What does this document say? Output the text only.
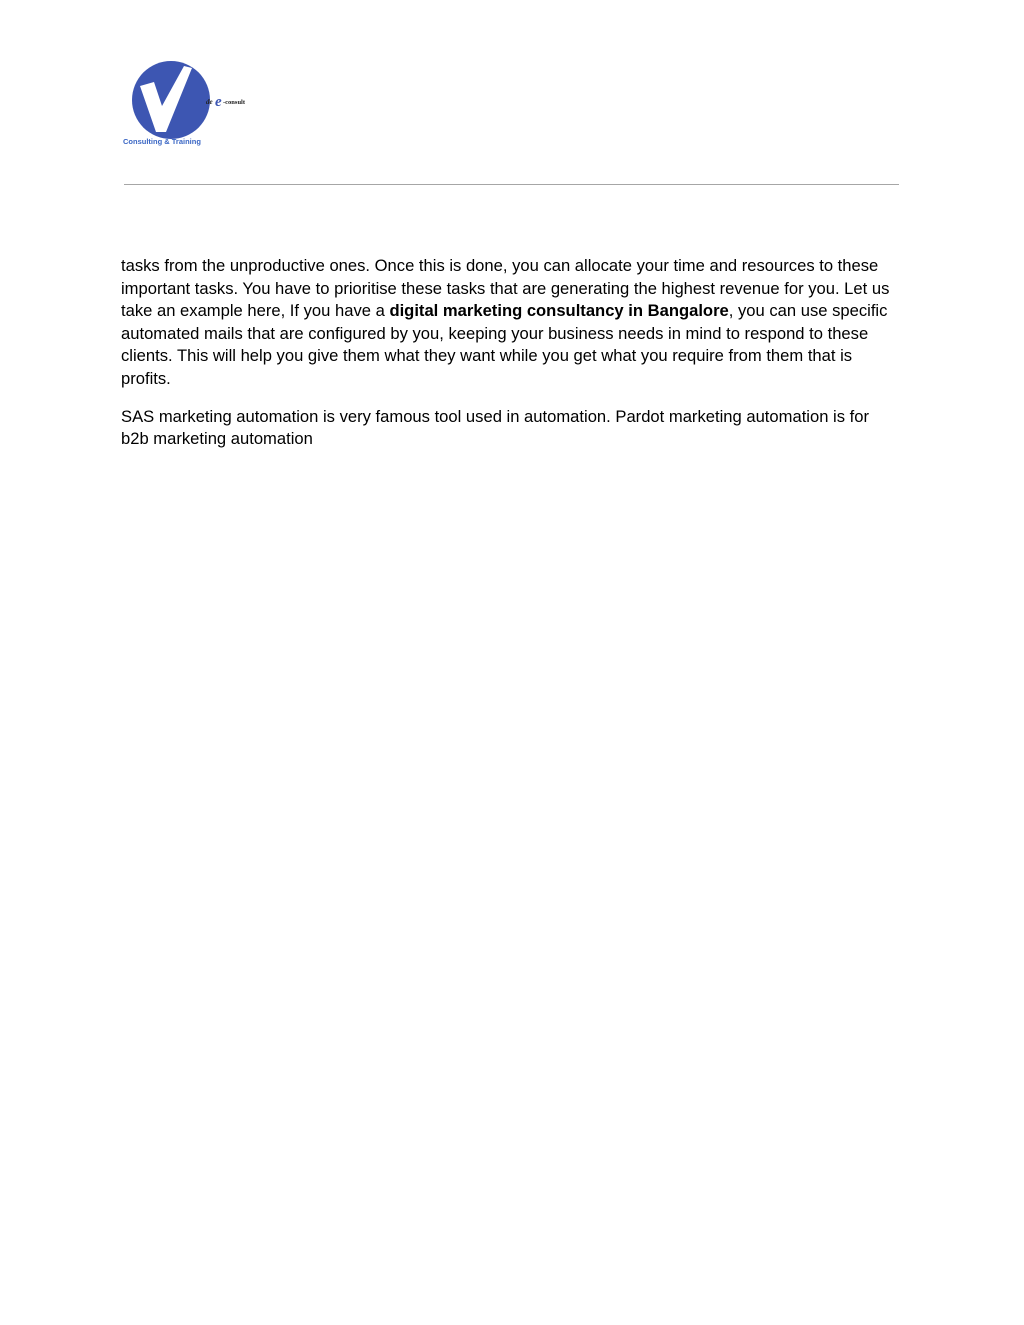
de e -consult
Consulting & Training

tasks from the unproductive ones. Once this is done, you can allocate your time and resources to these important tasks. You have to prioritise these tasks that are generating the highest revenue for you. Let us take an example here, If you have a digital marketing consultancy in Bangalore, you can use specific automated mails that are configured by you, keeping your business needs in mind to respond to these clients. This will help you give them what they want while you get what you require from them that is profits.

SAS marketing automation is very famous tool used in automation. Pardot marketing automation is for b2b marketing automation
